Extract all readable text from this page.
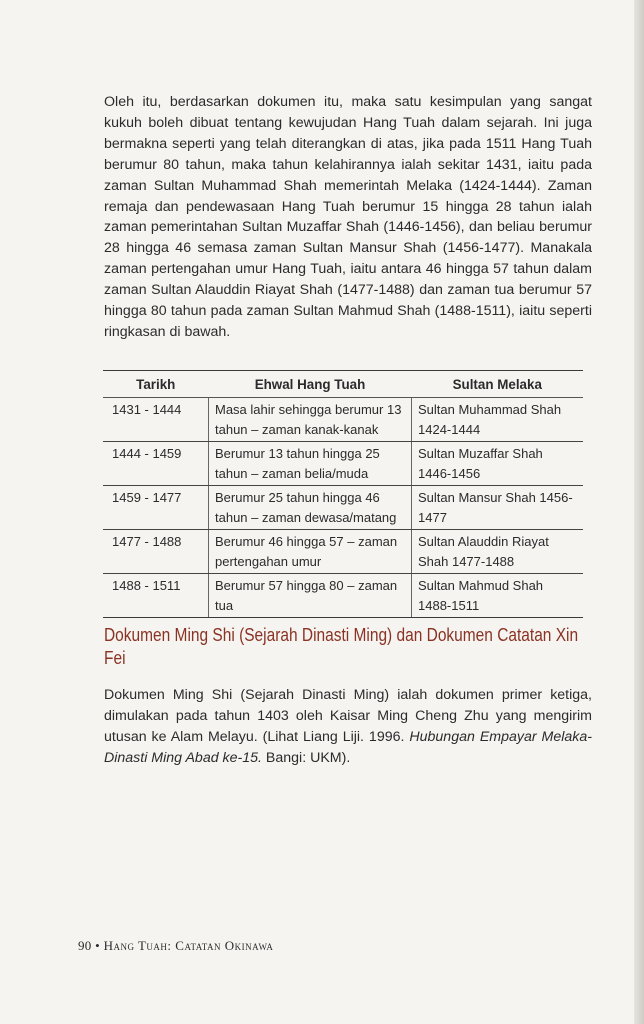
Oleh itu, berdasarkan dokumen itu, maka satu kesimpulan yang sangat kukuh boleh dibuat tentang kewujudan Hang Tuah dalam sejarah. Ini juga bermakna seperti yang telah diterangkan di atas, jika pada 1511 Hang Tuah berumur 80 tahun, maka tahun kelahirannya ialah sekitar 1431, iaitu pada zaman Sultan Muhammad Shah memerintah Melaka (1424-1444). Zaman remaja dan pendewasaan Hang Tuah berumur 15 hingga 28 tahun ialah zaman pemerintahan Sultan Muzaffar Shah (1446-1456), dan beliau berumur 28 hingga 46 semasa zaman Sultan Mansur Shah (1456-1477). Manakala zaman pertengahan umur Hang Tuah, iaitu antara 46 hingga 57 tahun dalam zaman Sultan Alauddin Riayat Shah (1477-1488) dan zaman tua berumur 57 hingga 80 tahun pada zaman Sultan Mahmud Shah (1488-1511), iaitu seperti ringkasan di bawah.

Tarikh	Ehwal Hang Tuah	Sultan Melaka
1431 - 1444	Masa lahir sehingga berumur 13 tahun – zaman kanak-kanak	Sultan Muhammad Shah 1424-1444
1444 - 1459	Berumur 13 tahun hingga 25 tahun – zaman belia/muda	Sultan Muzaffar Shah 1446-1456
1459 - 1477	Berumur 25 tahun hingga 46 tahun – zaman dewasa/matang	Sultan Mansur Shah 1456-1477
1477 - 1488	Berumur 46 hingga 57 – zaman pertengahan umur	Sultan Alauddin Riayat Shah 1477-1488
1488 - 1511	Berumur 57 hingga 80 – zaman tua	Sultan Mahmud Shah 1488-1511
Dokumen Ming Shi (Sejarah Dinasti Ming) dan Dokumen Catatan Xin Fei

Dokumen Ming Shi (Sejarah Dinasti Ming) ialah dokumen primer ketiga, dimulakan pada tahun 1403 oleh Kaisar Ming Cheng Zhu yang mengirim utusan ke Alam Melayu. (Lihat Liang Liji. 1996. Hubungan Empayar Melaka-Dinasti Ming Abad ke-15. Bangi: UKM).

90 • Hang Tuah: Catatan Okinawa
